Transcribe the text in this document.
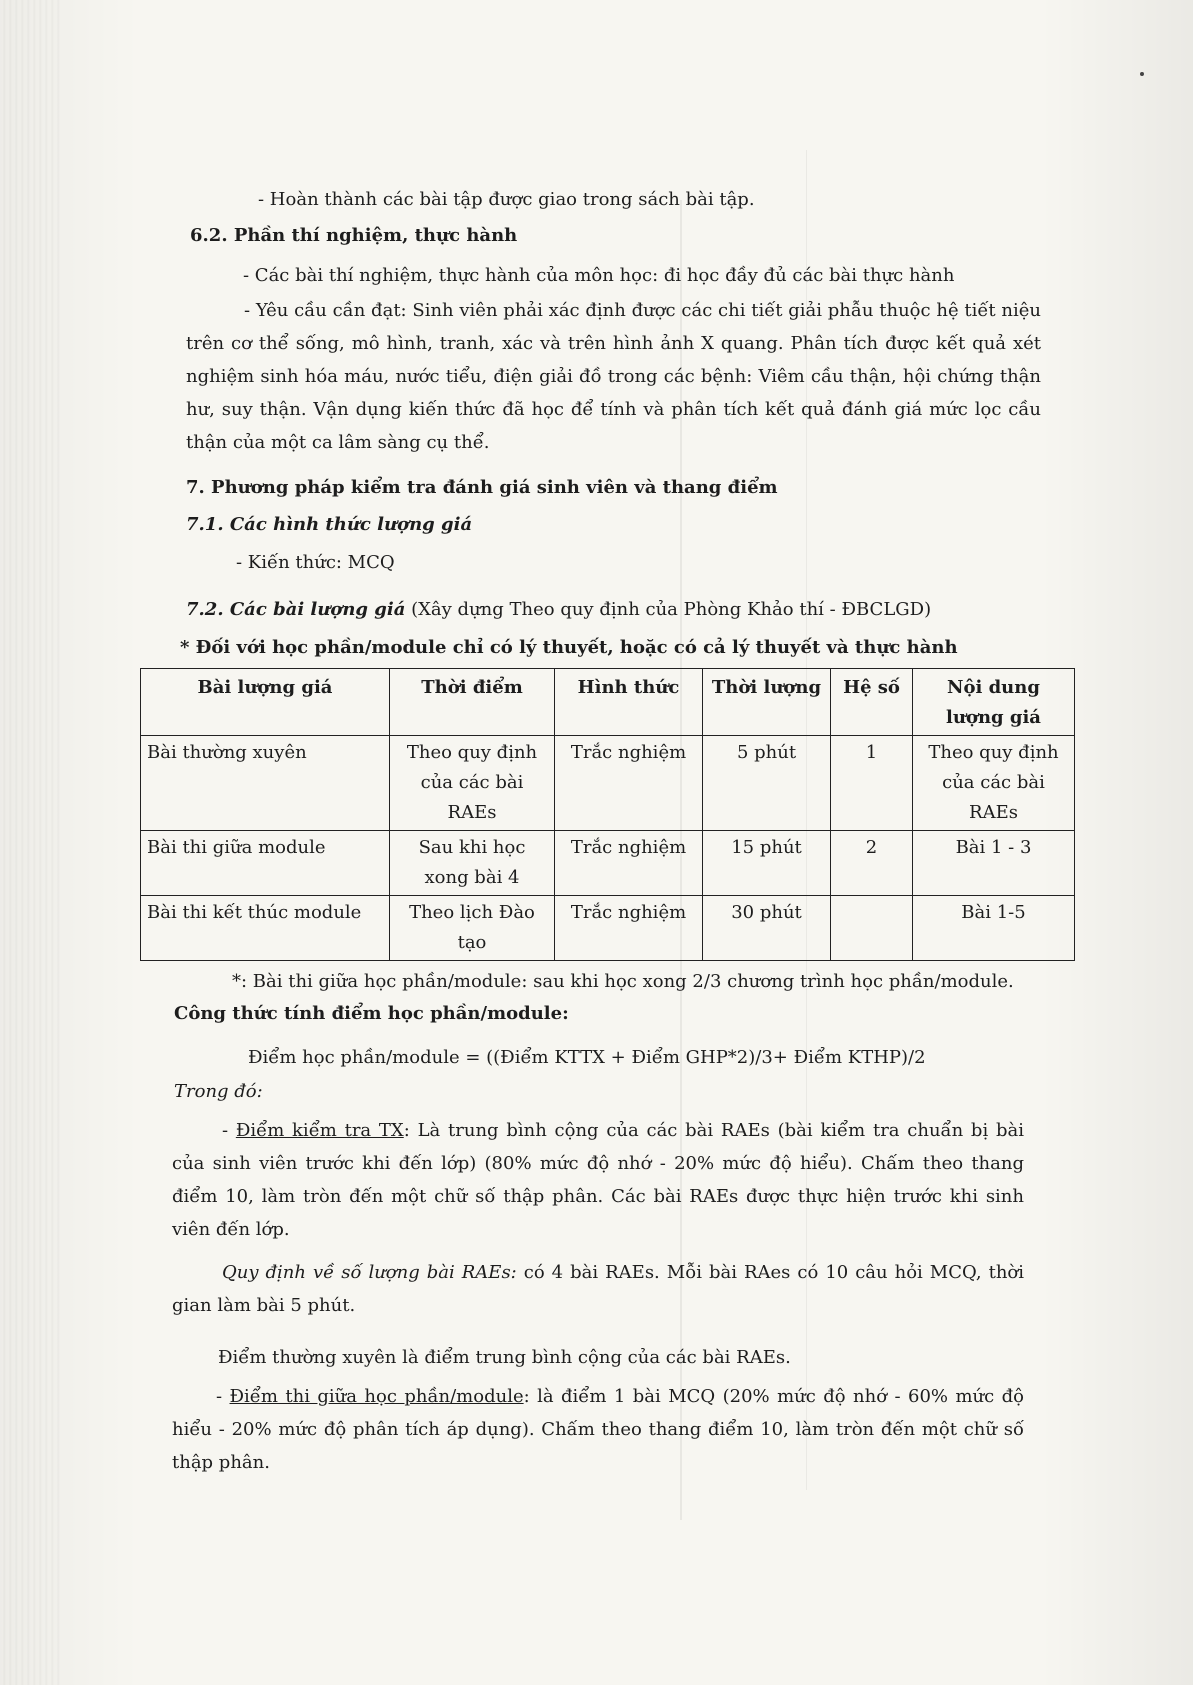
- Hoàn thành các bài tập được giao trong sách bài tập.
6.2. Phần thí nghiệm, thực hành
- Các bài thí nghiệm, thực hành của môn học: đi học đầy đủ các bài thực hành
- Yêu cầu cần đạt: Sinh viên phải xác định được các chi tiết giải phẫu thuộc hệ tiết niệu trên cơ thể sống, mô hình, tranh, xác và trên hình ảnh X quang. Phân tích được kết quả xét nghiệm sinh hóa máu, nước tiểu, điện giải đồ trong các bệnh: Viêm cầu thận, hội chứng thận hư, suy thận. Vận dụng kiến thức đã học để tính và phân tích kết quả đánh giá mức lọc cầu thận của một ca lâm sàng cụ thể.
7. Phương pháp kiểm tra đánh giá sinh viên và thang điểm
7.1. Các hình thức lượng giá
- Kiến thức: MCQ
7.2. Các bài lượng giá (Xây dựng Theo quy định của Phòng Khảo thí - ĐBCLGD)
* Đối với học phần/module chỉ có lý thuyết, hoặc có cả lý thuyết và thực hành
Bài lượng giá	Thời điểm	Hình thức	Thời lượng	Hệ số	Nội dung lượng giá
Bài thường xuyên	Theo quy định của các bài RAEs	Trắc nghiệm	5 phút	1	Theo quy định của các bài RAEs
Bài thi giữa module	Sau khi học xong bài 4	Trắc nghiệm	15 phút	2	Bài 1 - 3
Bài thi kết thúc module	Theo lịch Đào tạo	Trắc nghiệm	30 phút		Bài 1-5
*: Bài thi giữa học phần/module: sau khi học xong 2/3 chương trình học phần/module.
Công thức tính điểm học phần/module:
Điểm học phần/module = ((Điểm KTTX + Điểm GHP*2)/3+ Điểm KTHP)/2
Trong đó:
- Điểm kiểm tra TX: Là trung bình cộng của các bài RAEs (bài kiểm tra chuẩn bị bài của sinh viên trước khi đến lớp) (80% mức độ nhớ - 20% mức độ hiểu). Chấm theo thang điểm 10, làm tròn đến một chữ số thập phân. Các bài RAEs được thực hiện trước khi sinh viên đến lớp.
Quy định về số lượng bài RAEs: có 4 bài RAEs. Mỗi bài RAes có 10 câu hỏi MCQ, thời gian làm bài 5 phút.
Điểm thường xuyên là điểm trung bình cộng của các bài RAEs.
- Điểm thi giữa học phần/module: là điểm 1 bài MCQ (20% mức độ nhớ - 60% mức độ hiểu - 20% mức độ phân tích áp dụng). Chấm theo thang điểm 10, làm tròn đến một chữ số thập phân.
